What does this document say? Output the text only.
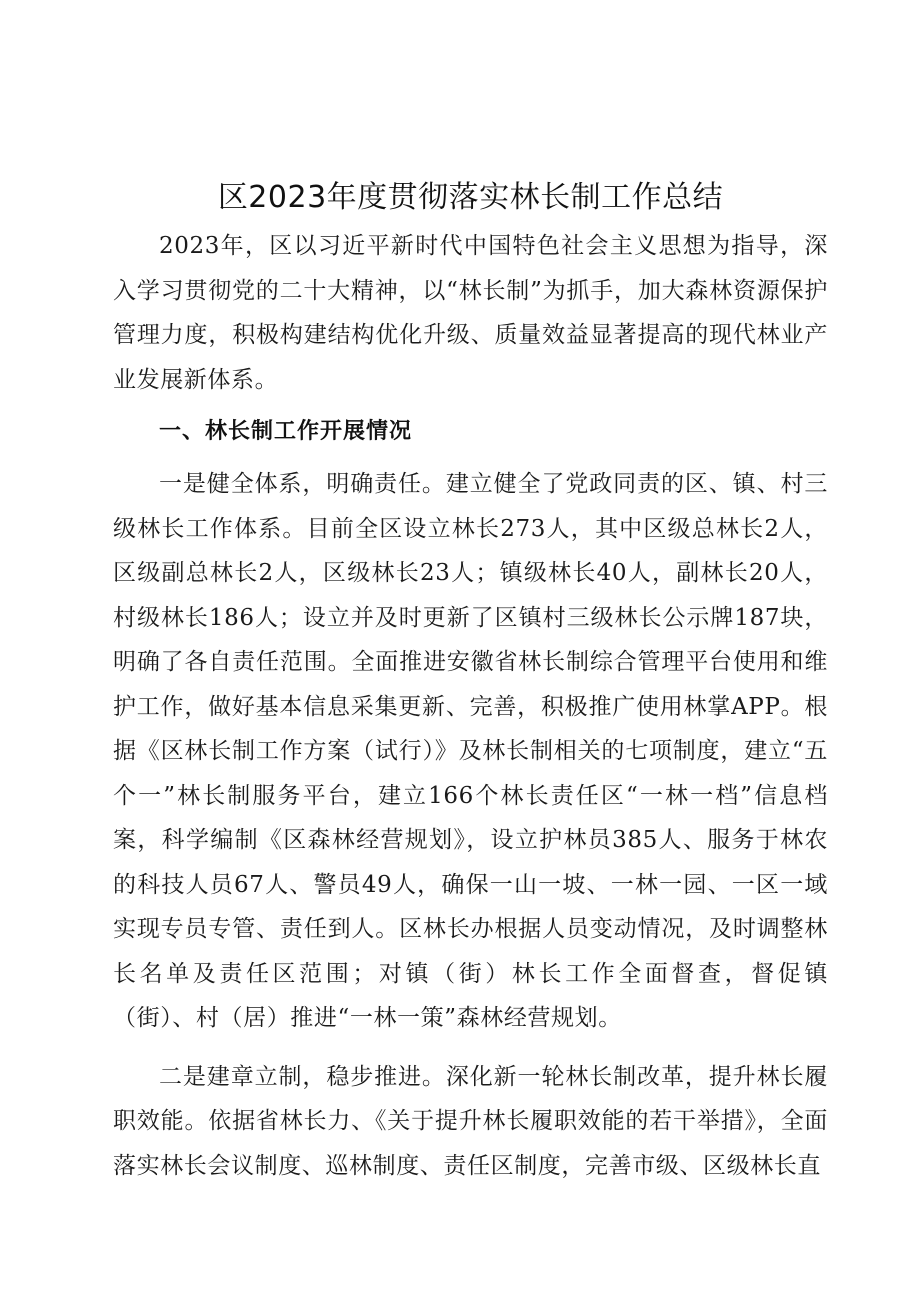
区2023年度贯彻落实林长制工作总结

2023年，区以习近平新时代中国特色社会主义思想为指导，深入学习贯彻党的二十大精神，以“林长制”为抓手，加大森林资源保护管理力度，积极构建结构优化升级、质量效益显著提高的现代林业产业发展新体系。

一、林长制工作开展情况

一是健全体系，明确责任。建立健全了党政同责的区、镇、村三级林长工作体系。目前全区设立林长273人，其中区级总林长2人，区级副总林长2人，区级林长23人；镇级林长40人，副林长20人，村级林长186人；设立并及时更新了区镇村三级林长公示牌187块，明确了各自责任范围。全面推进安徽省林长制综合管理平台使用和维护工作，做好基本信息采集更新、完善，积极推广使用林掌APP。根据《区林长制工作方案（试行）》及林长制相关的七项制度，建立“五个一”林长制服务平台，建立166个林长责任区“一林一档”信息档案，科学编制《区森林经营规划》，设立护林员385人、服务于林农的科技人员67人、警员49人，确保一山一坡、一林一园、一区一域实现专员专管、责任到人。区林长办根据人员变动情况，及时调整林长名单及责任区范围；对镇（街）林长工作全面督查，督促镇（街）、村（居）推进“一林一策”森林经营规划。

二是建章立制，稳步推进。深化新一轮林长制改革，提升林长履职效能。依据省林长力、《关于提升林长履职效能的若干举措》，全面落实林长会议制度、巡林制度、责任区制度，完善市级、区级林长直
